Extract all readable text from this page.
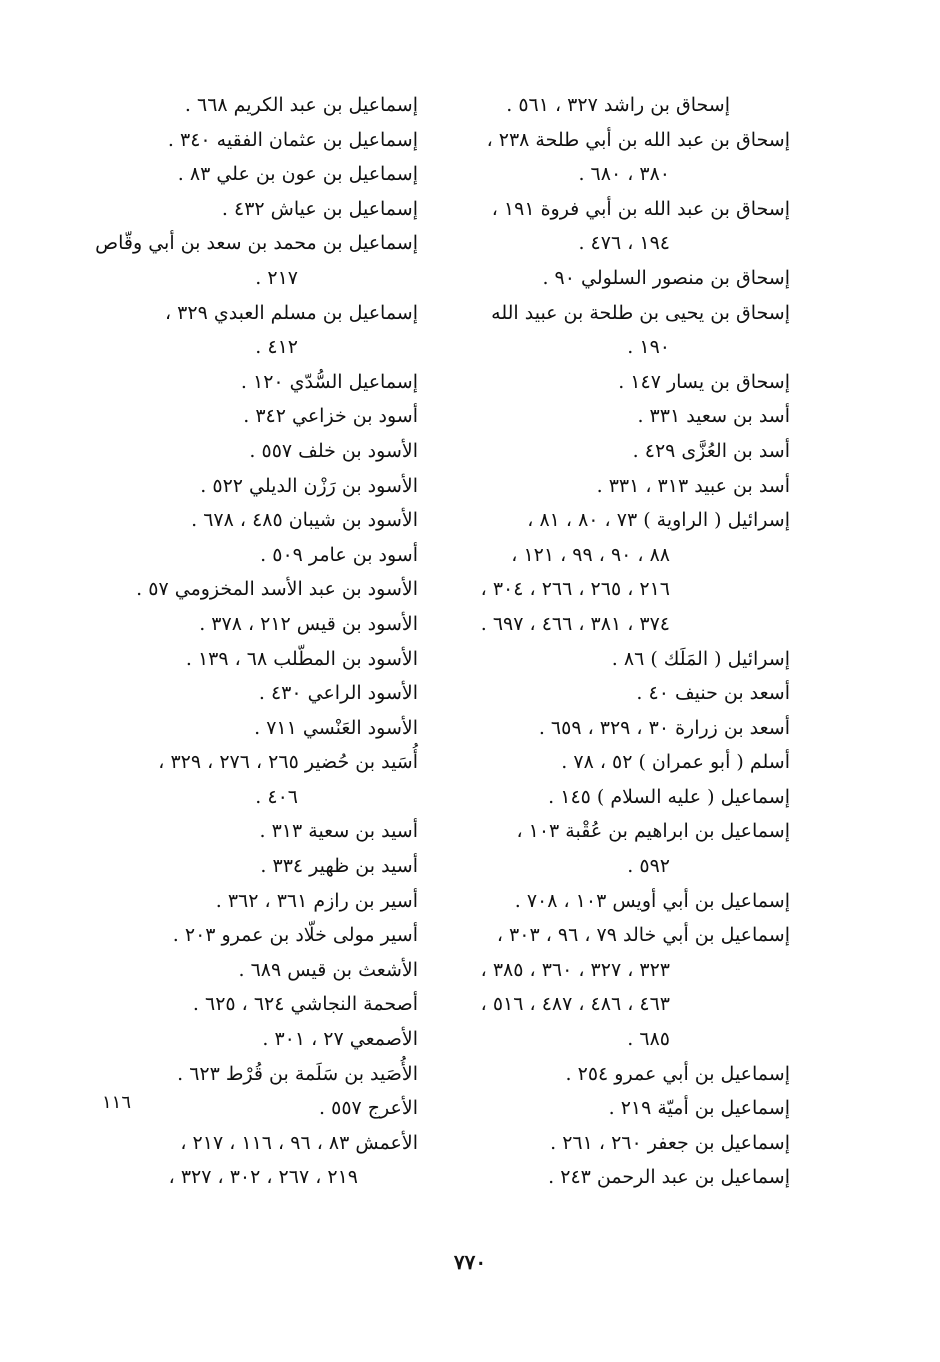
إسحاق بن راشد ٣٢٧ ، ٥٦١ .
إسحاق بن عبد الله بن أبي طلحة ٢٣٨ ،
٣٨٠ ، ٦٨٠ .
إسحاق بن عبد الله بن أبي فروة ١٩١ ،
١٩٤ ، ٤٧٦ .
إسحاق بن منصور السلولي ٩٠ .
إسحاق بن يحيى بن طلحة بن عبيد الله
١٩٠ .
إسحاق بن يسار ١٤٧ .
أسد بن سعيد ٣٣١ .
أسد بن العُزَّى ٤٢٩ .
أسد بن عبيد ٣١٣ ، ٣٣١ .
إسرائيل ( الراوية ) ٧٣ ، ٨٠ ، ٨١ ،
٨٨ ، ٩٠ ، ٩٩ ، ١٢١ ،
٢١٦ ، ٢٦٥ ، ٢٦٦ ، ٣٠٤ ،
٣٧٤ ، ٣٨١ ، ٤٦٦ ، ٦٩٧ .
إسرائيل ( المَلَك ) ٨٦ .
أسعد بن حنيف ٤٠ .
أسعد بن زرارة ٣٠ ، ٣٢٩ ، ٦٥٩ .
أسلم ( أبو عمران ) ٥٢ ، ٧٨ .
إسماعيل ( عليه السلام ) ١٤٥ .
إسماعيل بن ابراهيم بن عُقْبة ١٠٣ ،
٥٩٢ .
إسماعيل بن أبي أويس ١٠٣ ، ٧٠٨ .
إسماعيل بن أبي خالد ٧٩ ، ٩٦ ، ٣٠٣ ،
٣٢٣ ، ٣٢٧ ، ٣٦٠ ، ٣٨٥ ،
٤٦٣ ، ٤٨٦ ، ٤٨٧ ، ٥١٦ ،
٦٨٥ .
إسماعيل بن أبي عمرو ٢٥٤ .
إسماعيل بن أميّة ٢١٩ .
إسماعيل بن جعفر ٢٦٠ ، ٢٦١ .
إسماعيل بن عبد الرحمن ٢٤٣ .
إسماعيل بن عبد الكريم ٦٦٨ .
إسماعيل بن عثمان الفقيه ٣٤٠ .
إسماعيل بن عون بن علي ٨٣ .
إسماعيل بن عياش ٤٣٢ .
إسماعيل بن محمد بن سعد بن أبي وقّاص
٢١٧ .
إسماعيل بن مسلم العبدي ٣٢٩ ،
٤١٢ .
إسماعيل السُّدّي ١٢٠ .
أسود بن خزاعي ٣٤٢ .
الأسود بن خلف ٥٥٧ .
الأسود بن رَزْن الديلي ٥٢٢ .
الأسود بن شيبان ٤٨٥ ، ٦٧٨ .
أسود بن عامر ٥٠٩ .
الأسود بن عبد الأسد المخزومي ٥٧ .
الأسود بن قيس ٢١٢ ، ٣٧٨ .
الأسود بن المطّلب ٦٨ ، ١٣٩ .
الأسود الراعي ٤٣٠ .
الأسود العَنْسي ٧١١ .
أُسَيد بن حُضير ٢٦٥ ، ٢٧٦ ، ٣٢٩ ،
٤٠٦ .
أسيد بن سعية ٣١٣ .
أسيد بن ظهير ٣٣٤ .
أسير بن رازم ٣٦١ ، ٣٦٢ .
أسير مولى خلّاد بن عمرو ٢٠٣ .
الأشعث بن قيس ٦٨٩ .
أصحمة النجاشي ٦٢٤ ، ٦٢٥ .
الأصمعي ٢٧ ، ٣٠١ .
الأُصَيد بن سَلَمة بن قُرْط ٦٢٣ .
الأعرج ٥٥٧ .
الأعمش ٨٣ ، ٩٦ ، ١١٦ ، ٢١٧ ،
٢١٩ ، ٢٦٧ ، ٣٠٢ ، ٣٢٧ ،
١١٦
٧٧٠
